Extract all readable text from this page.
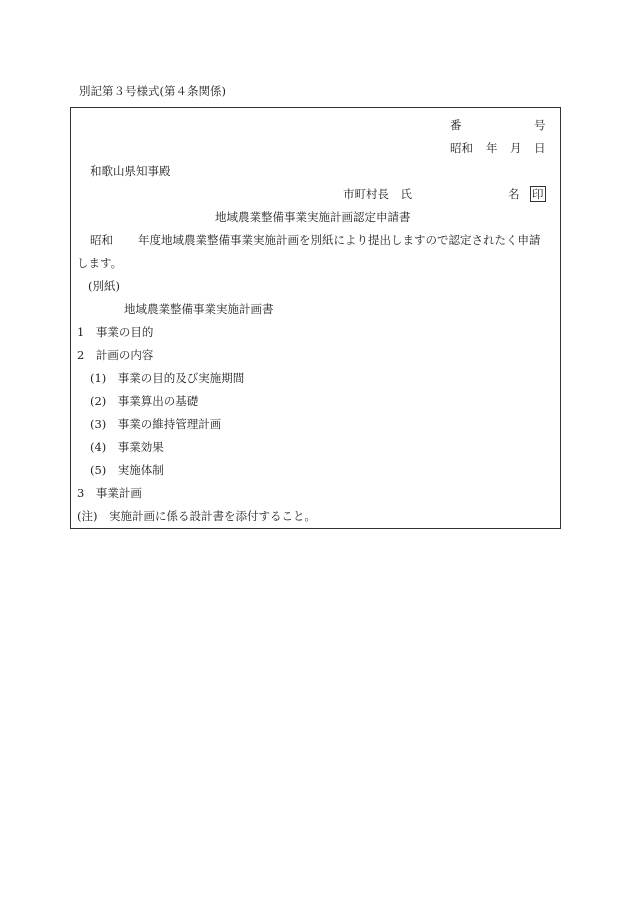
別記第３号様式(第４条関係)
番	号
昭和 年 月 日
和歌山県知事殿
市町村長　氏	名 印
地域農業整備事業実施計画認定申請書
昭和 年度地域農業整備事業実施計画を別紙により提出しますので認定されたく申請
します。
(別紙)
地域農業整備事業実施計画書
1　事業の目的
2　計画の内容
(1)　事業の目的及び実施期間
(2)　事業算出の基礎
(3)　事業の維持管理計画
(4)　事業効果
(5)　実施体制
3　事業計画
(注)　実施計画に係る設計書を添付すること。
